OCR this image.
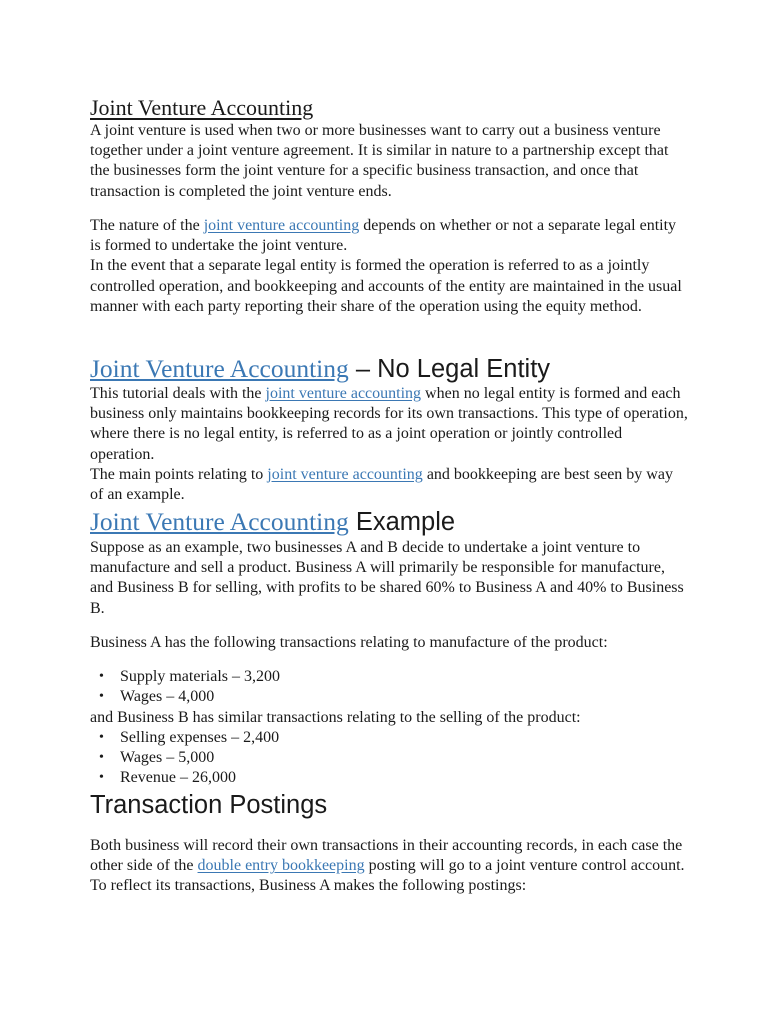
Joint Venture Accounting

A joint venture is used when two or more businesses want to carry out a business venture together under a joint venture agreement. It is similar in nature to a partnership except that the businesses form the joint venture for a specific business transaction, and once that transaction is completed the joint venture ends.

The nature of the joint venture accounting depends on whether or not a separate legal entity is formed to undertake the joint venture.
In the event that a separate legal entity is formed the operation is referred to as a jointly controlled operation, and bookkeeping and accounts of the entity are maintained in the usual manner with each party reporting their share of the operation using the equity method.
Joint Venture Accounting – No Legal Entity
This tutorial deals with the joint venture accounting when no legal entity is formed and each business only maintains bookkeeping records for its own transactions. This type of operation, where there is no legal entity, is referred to as a joint operation or jointly controlled operation.
The main points relating to joint venture accounting and bookkeeping are best seen by way of an example.
Joint Venture Accounting Example

Suppose as an example, two businesses A and B decide to undertake a joint venture to manufacture and sell a product. Business A will primarily be responsible for manufacture, and Business B for selling, with profits to be shared 60% to Business A and 40% to Business B.

Business A has the following transactions relating to manufacture of the product:

• Supply materials – 3,200
• Wages – 4,000

and Business B has similar transactions relating to the selling of the product:

• Selling expenses – 2,400
• Wages – 5,000
• Revenue – 26,000
Transaction Postings
Both business will record their own transactions in their accounting records, in each case the other side of the double entry bookkeeping posting will go to a joint venture control account.
To reflect its transactions, Business A makes the following postings:
